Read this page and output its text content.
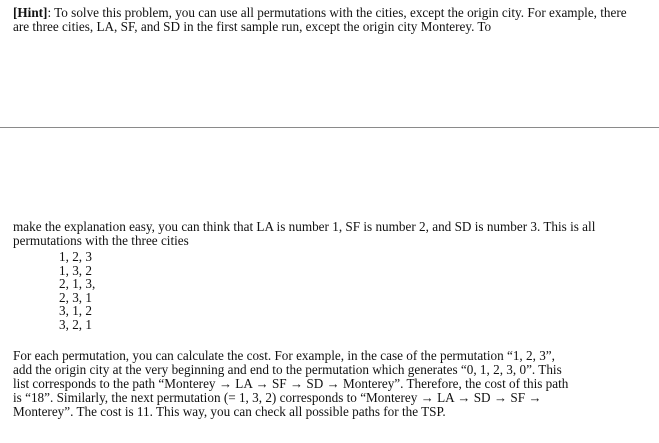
[Hint]: To solve this problem, you can use all permutations with the cities, except the origin city. For example, there are three cities, LA, SF, and SD in the first sample run, except the origin city Monterey. To

make the explanation easy, you can think that LA is number 1, SF is number 2, and SD is number 3. This is all permutations with the three cities

1, 2, 3
1, 3, 2
2, 1, 3,
2, 3, 1
3, 1, 2
3, 2, 1
For each permutation, you can calculate the cost. For example, in the case of the permutation “1, 2, 3”,
add the origin city at the very beginning and end to the permutation which generates “0, 1, 2, 3, 0”. This
list corresponds to the path “Monterey → LA → SF → SD → Monterey”. Therefore, the cost of this path
is “18”. Similarly, the next permutation (= 1, 3, 2) corresponds to “Monterey → LA → SD → SF →
Monterey”. The cost is 11. This way, you can check all possible paths for the TSP.
